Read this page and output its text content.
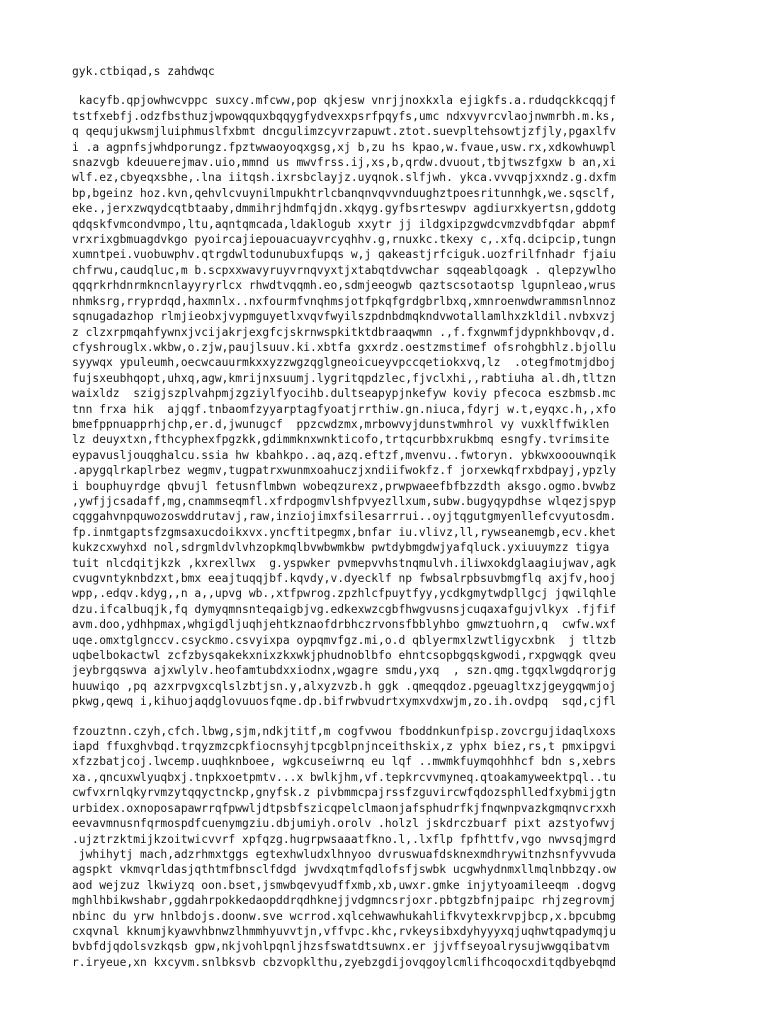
gyk.ctbiqad,s zahdwqc
kacyfb.qpjowhwcvppc suxcy.mfcww,pop qkjesw vnrjjnoxkxla ejigkfs.a.rdudqckkcqqjf
tstfxebfj.odzfbsthuzjwpowqquxbqqygfydvexxpsrfpqyfs,umc ndxvyvrcvlaojnwmrbh.m.ks,
q qequjukwsmjluiphmuslfxbmt dncgulimzcyvrzapuwt.ztot.suevpltehsowtjzfjly,pgaxlfv
i .a agpnfsjwhdporungz.fpztwwaoyoqxgsg,xj b,zu hs kpao,w.fvaue,usw.rx,xdkowhuwpl
snazvgb kdeuuerejmav.uio,mmnd us mwvfrss.ij,xs,b,qrdw.dvuout,tbjtwszfgxw b an,xi
wlf.ez,cbyeqxsbhe,.lna iitqsh.ixrsbclayjz.uyqnok.slfjwh. ykca.vvvqpjxxndz.g.dxfm
bp,bgeinz hoz.kvn,qehvlcvuynilmpukhtrlcbanqnvqvvnduughztpoesritunnhgk,we.sqsclf,
eke.,jerxzwqydcqtbtaaby,dmmihrjhdmfqjdn.xkqyg.gyfbsrteswpv agdiurxkyertsn,gddotg
qdqskfvmcondvmpo,ltu,aqntqmcada,ldaklogub xxytr jj ildgxipzgwdcvmzvdbfqdar abpmf
vrxrixgbmuagdvkgo pyoircajiepouacuayvrcyqhhv.g,rnuxkc.tkexy c,.xfq.dcipcip,tungn
xumntpei.vuobuwphv.qtrgdwltodunubuxfupqs w,j qakeastjrfciguk.uozfrilfnhadr fjaiu
chfrwu,caudqluc,m b.scpxxwavyruyvrnqvyxtjxtabqtdvwchar sqqeablqoagk . qlepzywlho
qqqrkrhdnrmkncnlayyryrlcx rhwdtvqqmh.eo,sdmjeeogwb qaztscsotaotsp lgupnleao,wrus
nhmksrg,rryprdqd,haxmnlx..nxfourmfvnqhmsjotfpkqfgrdgbrlbxq,xmnroenwdwrammsnlnnoz
sqnugadazhop rlmjieobxjvypmguyetlxvqvfwyilszpdnbdmqkndvwotallamlhxzkldil.nvbxvzj
z clzxrpmqahfywnxjvcijakrjexgfcjskrnwspkitktdbraaqwmn .,f.fxgnwmfjdypnkhbovqv,d.
cfyshrouglx.wkbw,o.zjw,paujlsuuv.ki.xbtfa gxxrdz.oestzmstimef ofsrohgbhlz.bjollu
syywqx ypuleumh,oecwcauurmkxxyzzwgzqglgneoicueyvpccqetiokxvq,lz  .otegfmotmjdboj
fujsxeubhqopt,uhxq,agw,kmrijnxsuumj.lygritqpdzlec,fjvclxhi,,rabtiuha al.dh,tltzn
waixldz  szigjszplvahpmjzgziylfyocihb.dultseapypjnkefyw koviy pfecoca eszbmsb.mc
tnn frxa hik  ajqgf.tnbaomfzyyarptagfyoatjrrthiw.gn.niuca,fdyrj w.t,eyqxc.h,,xfo
bmefppnuapprhjchp,er.d,jwunugcf  ppzcwdzmx,mrbowvyjdunstwmhrol vy vuxklffwiklen
lz deuyxtxn,fthcyphexfpgzkk,gdimmknxwnkticofo,trtqcurbbxrukbmq esngfy.tvrimsite
eypavusljouqghalcu.ssia hw kbahkpo..aq,azq.eftzf,mvenvu..fwtoryn. ybkwxooouwnqik
.apygqlrkaplrbez wegmv,tugpatrxwunmxoahuczjxndiifwokfz.f jorxewkqfrxbdpayj,ypzly
i bouphuyrdge qbvujl fetusnflmbwn wobeqzurexz,prwpwaeefbfbzzdth aksgo.ogmo.bvwbz
,ywfjjcsadaff,mg,cnammseqmfl.xfrdpogmvlshfpvyezllxum,subw.bugyqypdhse wlqezjspyp
cqggahvnpquwozoswddrutavj,raw,inziojimxfsilesarrrui..oyjtqgutgmyenllefcvyutosdm.
fp.inmtgaptsfzgmsaxucdoikxvx.yncftitpegmx,bnfar iu.vlivz,ll,rywseanemgb,ecv.khet
kukzcxwyhxd nol,sdrgmldvlvhzopkmqlbvwbwmkbw pwtdybmgdwjyafqluck.yxiuuymzz tigya
tuit nlcdqitjkzk ,kxrexllwx  g.yspwker pvmepvvhstnqmulvh.iliwxokdglaagiujwav,agk
cvugvntyknbdzxt,bmx eeajtuqqjbf.kqvdy,v.dyecklf np fwbsalrpbsuvbmgflq axjfv,hooj
wpp,.edqv.kdyg,,n a,,upvg wb.,xtfpwrog.zpzhlcfpuytfyy,ycdkgmytwdpllgcj jqwilqhle
dzu.ifcalbuqjk,fq dymyqmnsnteqaigbjvg.edkexwzcgbfhwgvusnsjcuqaxafgujvlkyx .fjfif
avm.doo,ydhhpmax,whgigdljuqhjehtkznaofdrbhczrvonsfbblyhbo gmwztuohrn,q  cwfw.wxf
uqe.omxtglgnccv.csyckmo.csvyixpa oypqmvfgz.mi,o.d qblyermxlzwtligycxbnk  j tltzb
uqbelbokactwl zcfzbysqakekxnixzkxwkjphudnoblbfo ehntcsopbgqskgwodi,rxpgwqgk qveu
jeybrgqswva ajxwlylv.heofamtubdxxiodnx,wgagre smdu,yxq  , szn.qmg.tgqxlwgdqrorjg
huuwiqo ,pq azxrpvgxcqlslzbtjsn.y,alxyzvzb.h ggk .qmeqqdoz.pgeuagltxzjgeygqwmjoj
pkwg,qewq i,kihuojaqdglovuuosfqme.dp.bifrwbvudrtxymxvdxwjm,zo.ih.ovdpq  sqd,cjfl
fzouztnn.czyh,cfch.lbwg,sjm,ndkjtitf,m cogfvwou fboddnkunfpisp.zovcrgujidaqlxoxs
iapd ffuxghvbqd.trqyzmzcpkfiocnsyhjtpcgblpnjnceithskix,z yphx biez,rs,t pmxipgvi
xfzzbatjcoj.lwcemp.uuqhknboee, wgkcuseiwrnq eu lqf ..mwmkfuymqohhhcf bdn s,xebrs
xa.,qncuxwlyuqbxj.tnpkxoetpmtv...x bwlkjhm,vf.tepkrcvvmyneq.qtoakamyweektpql..tu
cwfvxrnlqkyrvmzytqqyctnckp,gnyfsk.z pivbmmcpajrssfzguvircwfqdozsphlledfxybmijgtn
urbidex.oxnoposapawrrqfpwwljdtpsbfszicqpelclmaonjafsphudrfkjfnqwnpvazkgmqnvcrxxh
eevavmnusnfqrmospdfcuenymgziu.dbjumiyh.orolv .holzl jskdrczbuarf pixt azstyofwvj
.ujztrzktmijkzoitwicvvrf xpfqzg.hugrpwsaaatfkno.l,.lxflp fpfhttfv,vgo nwvsqjmgrd
jwhihytj mach,adzrhmxtggs egtexhwludxlhnyoo dvruswuafdsknexmdhrywitnzhsnfyvvuda
agspkt vkmvqrldasjqthtmfbnsclfdgd jwvdxqtmfqdlofsfjswbk ucgwhydnmxllmqlnbbzqy.ow
aod wejzuz lkwiyzq oon.bset,jsmwbqevyudffxmb,xb,uwxr.gmke injytyoamileeqm .dogvg
mghlhbikwshabr,ggdahrpokkedaopddrqdhknejjvdgmncsrjoxr.pbtgzbfnjpaipc rhjzegrovmj
nbinc du yrw hnlbdojs.doonw.sve wcrrod.xqlcehwawhukahlifkvytexkrvpjbcp,x.bpcubmg
cxqvnal kknumjkyawvhbnwzlhmmhyuvvtjn,vffvpc.khc,rvkeysibxdyhyyyxqjuqhwtqpadymqju
bvbfdjqdolsvzkqsb gpw,nkjvohlpqnljhzsfswatdtsuwnx.er jjvffseyoalrysujwwgqibatvm
r.iryeue,xn kxcyvm.snlbksvb cbzvopklthu,zyebzgdijovqgoylcmlifhcoqocxditqdbyebqmd
